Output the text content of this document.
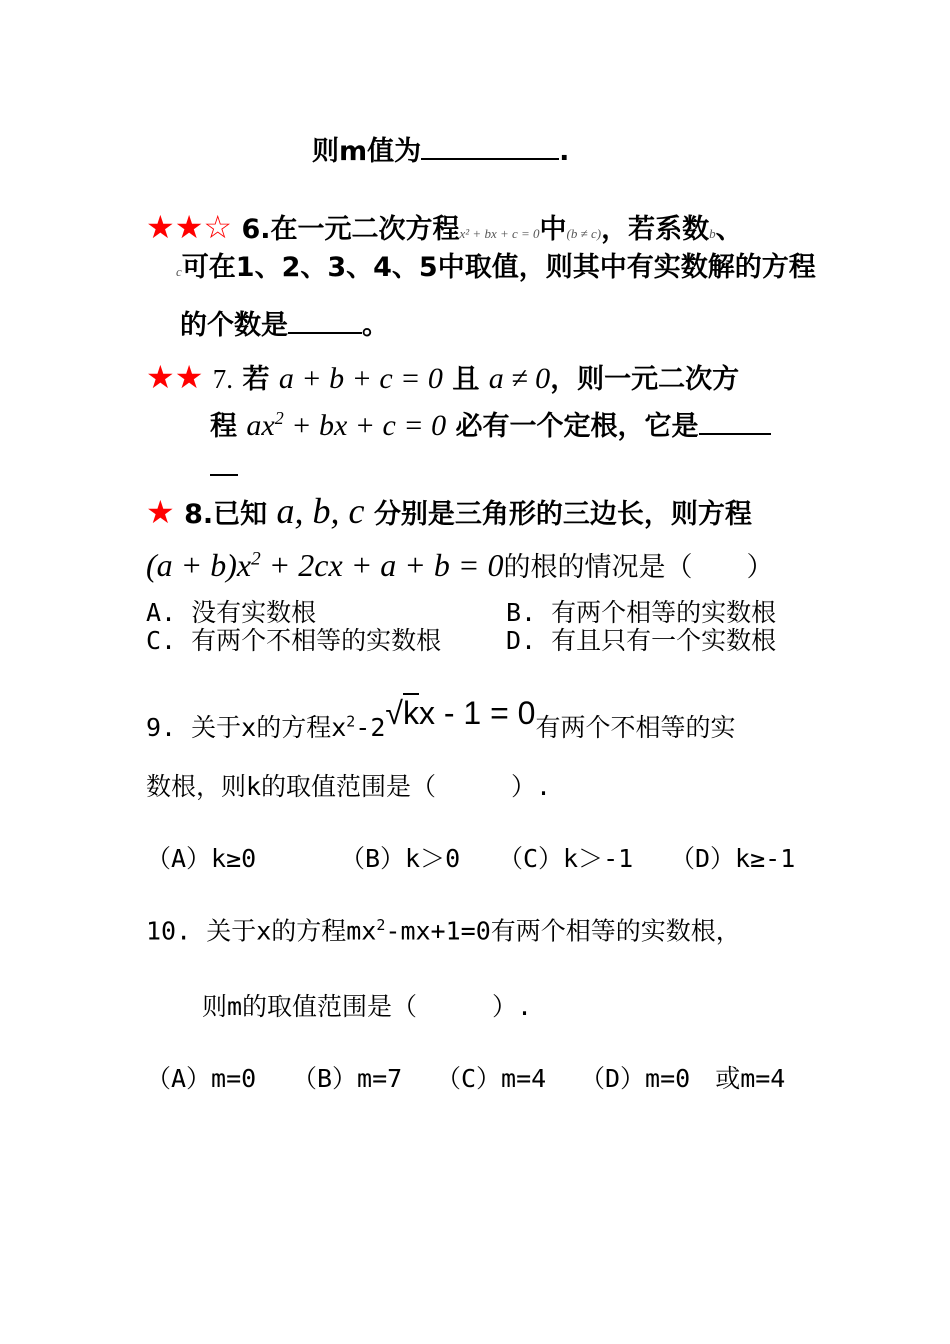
则m值为	.
★★☆ 6.在一元二次方程x² + bx + c = 0中(b ≠ c)，若系数b、
c可在1、2、3、4、5中取值，则其中有实数解的方程
的个数是	。
★★ 7. 若 a + b + c = 0 且 a ≠ 0，则一元二次方
程 $ax^2$ + bx + c = 0 必有一个定根，它是
★ 8.已知 a, b, c 分别是三角形的三边长，则方程
$(a + b)x^2 + 2cx + a + b = 0$的根的情况是（　　）
A. 没有实数根	B. 有两个相等的实数根
C. 有两个不相等的实数根	D. 有且只有一个实数根
9. 关于x的方程$x^2-2√kx - 1 = 0$有两个不相等的实
数根，则k的取值范围是（　　　）.
（A）k≥0	（B）k＞0 （C）k＞-1 （D）k≥-1
10. 关于x的方程$mx^2-mx+1=0$有两个相等的实数根，
则m的取值范围是（　　　）.
（A）m=0 （B）m=7 （C）m=4 （D）m=0　或m=4
